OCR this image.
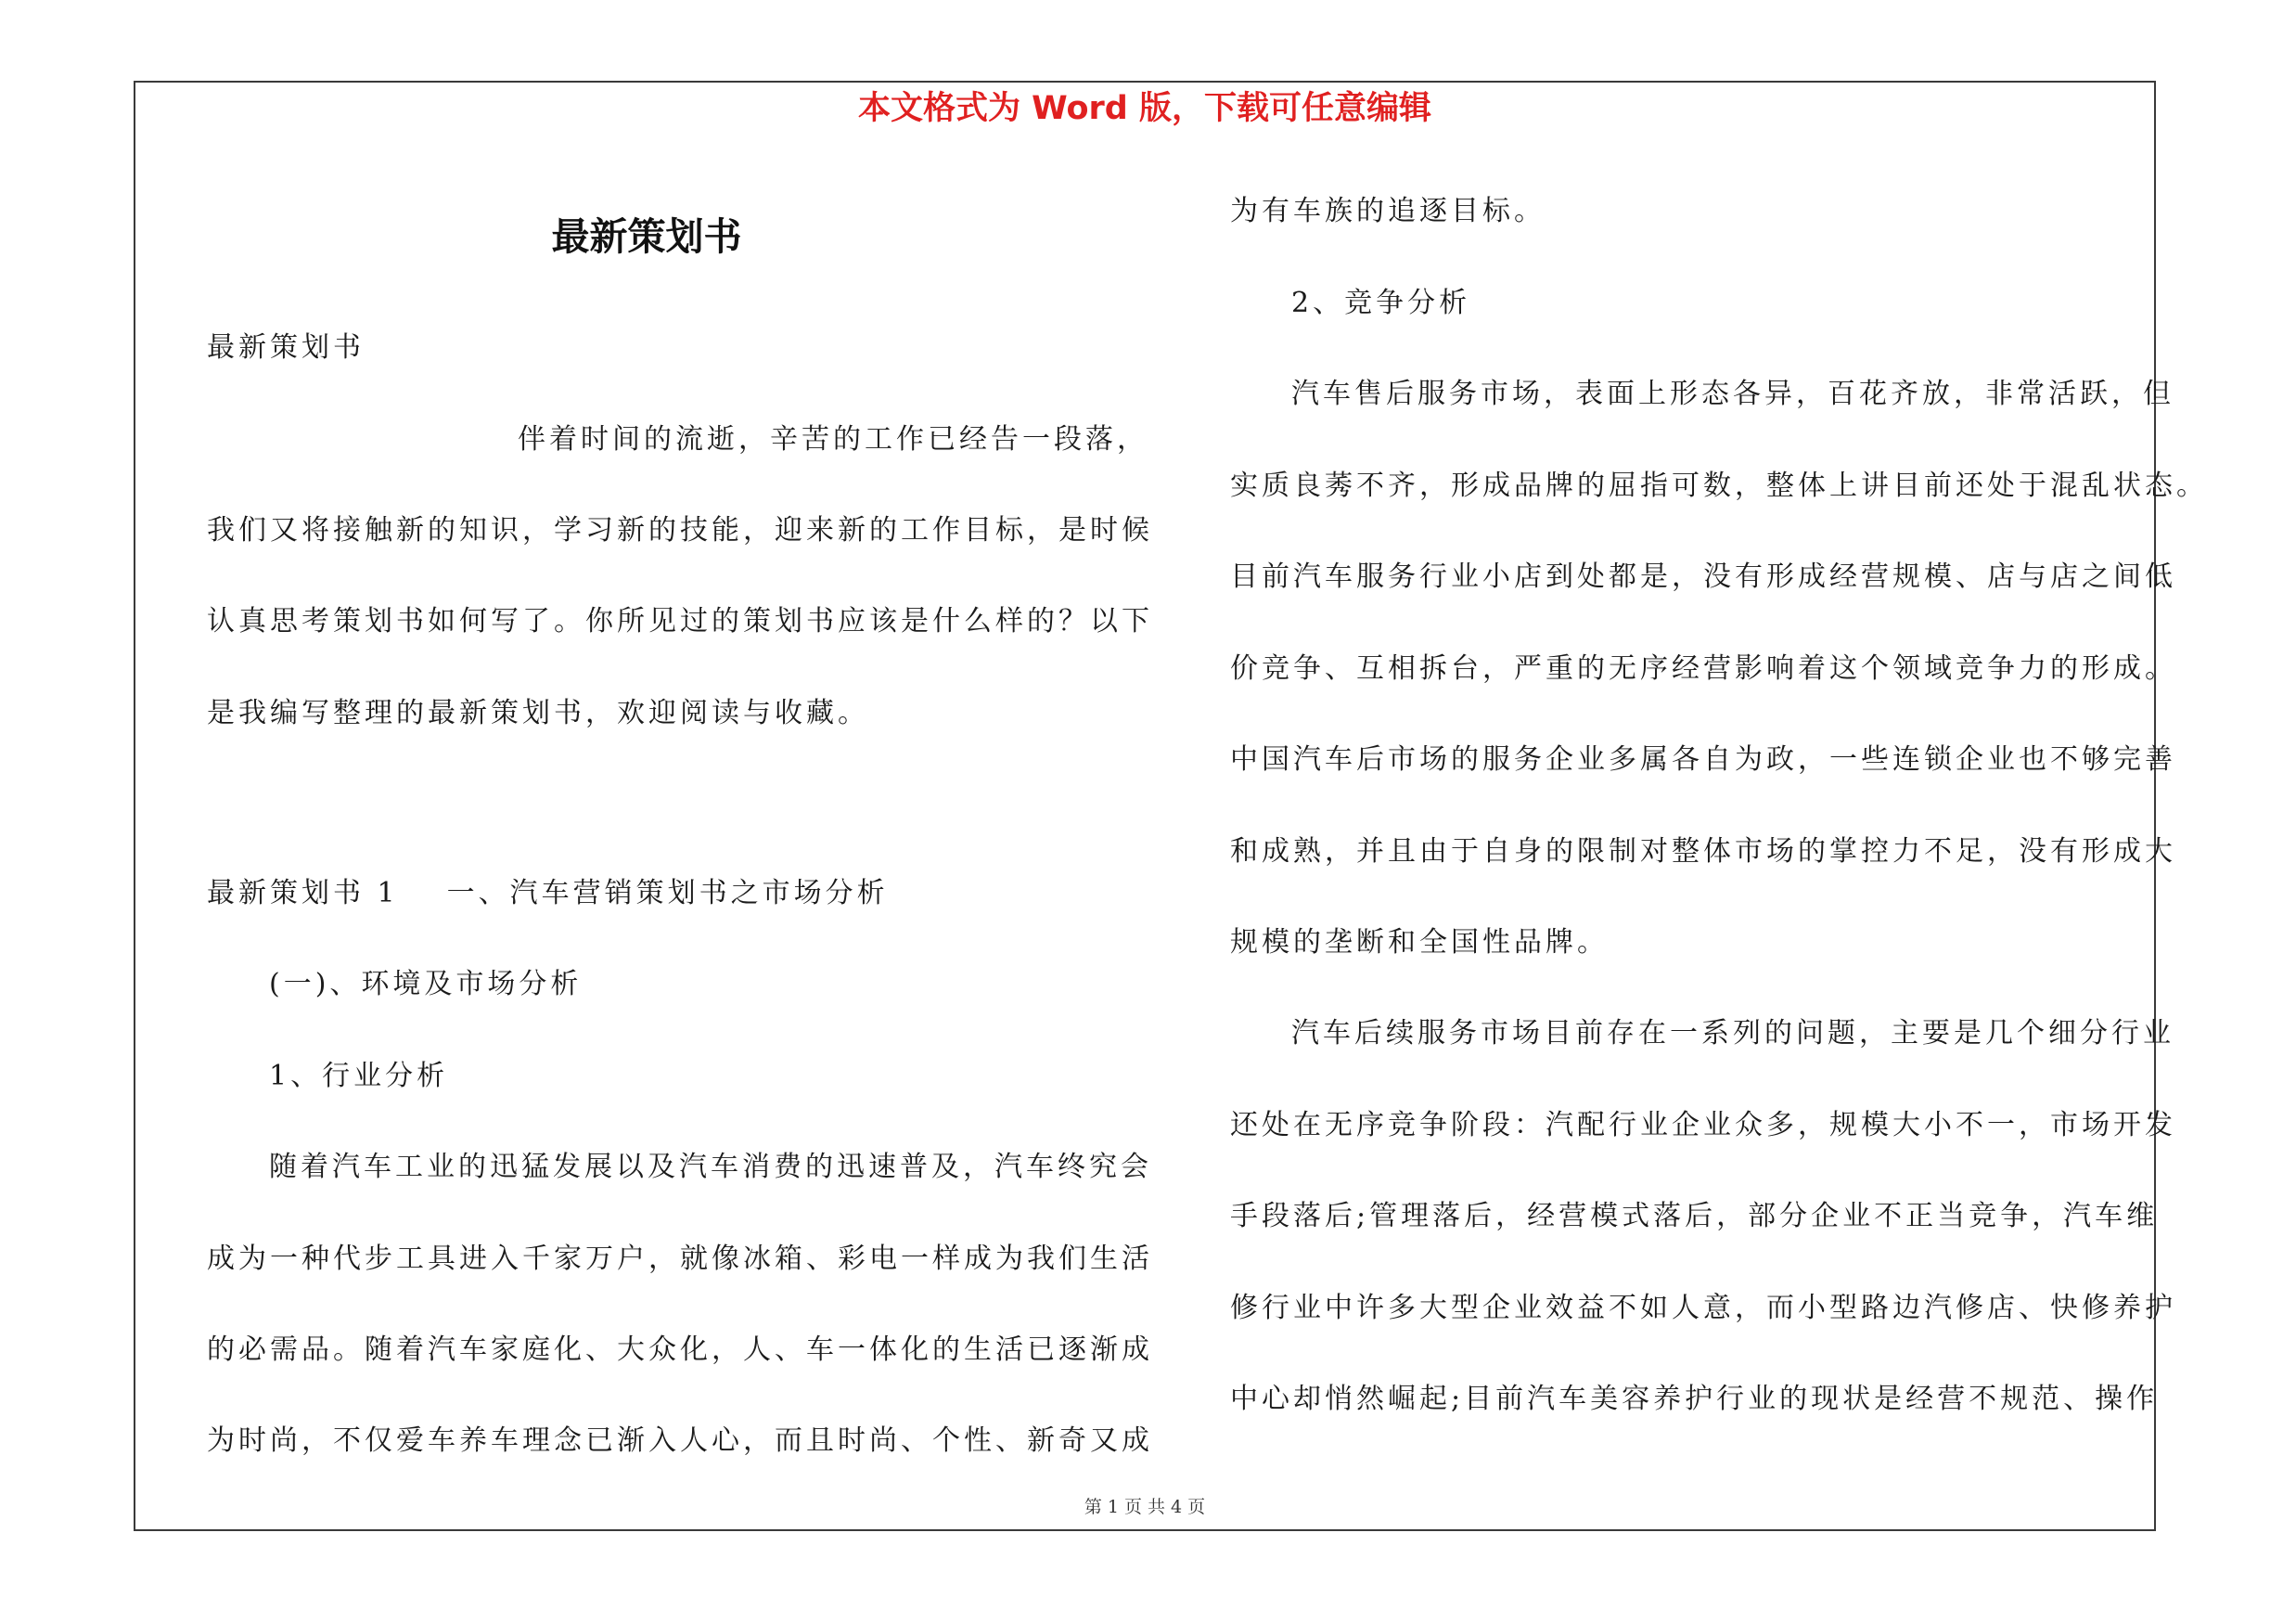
本文格式为 Word 版，下载可任意编辑
最新策划书
最新策划书
伴着时间的流逝，辛苦的工作已经告一段落，
我们又将接触新的知识，学习新的技能，迎来新的工作目标，是时候
认真思考策划书如何写了。你所见过的策划书应该是什么样的？以下
是我编写整理的最新策划书，欢迎阅读与收藏。
最新策划书 1 一、汽车营销策划书之市场分析
(一)、环境及市场分析
1、行业分析
随着汽车工业的迅猛发展以及汽车消费的迅速普及，汽车终究会
成为一种代步工具进入千家万户，就像冰箱、彩电一样成为我们生活
的必需品。随着汽车家庭化、大众化，人、车一体化的生活已逐渐成
为时尚，不仅爱车养车理念已渐入人心，而且时尚、个性、新奇又成
为有车族的追逐目标。
2、竞争分析
汽车售后服务市场，表面上形态各异，百花齐放，非常活跃，但
实质良莠不齐，形成品牌的屈指可数，整体上讲目前还处于混乱状态。
目前汽车服务行业小店到处都是，没有形成经营规模、店与店之间低
价竞争、互相拆台，严重的无序经营影响着这个领域竞争力的形成。
中国汽车后市场的服务企业多属各自为政，一些连锁企业也不够完善
和成熟，并且由于自身的限制对整体市场的掌控力不足，没有形成大
规模的垄断和全国性品牌。
汽车后续服务市场目前存在一系列的问题，主要是几个细分行业
还处在无序竞争阶段：汽配行业企业众多，规模大小不一，市场开发
手段落后;管理落后，经营模式落后，部分企业不正当竞争，汽车维
修行业中许多大型企业效益不如人意，而小型路边汽修店、快修养护
中心却悄然崛起;目前汽车美容养护行业的现状是经营不规范、操作
第 1 页 共 4 页
